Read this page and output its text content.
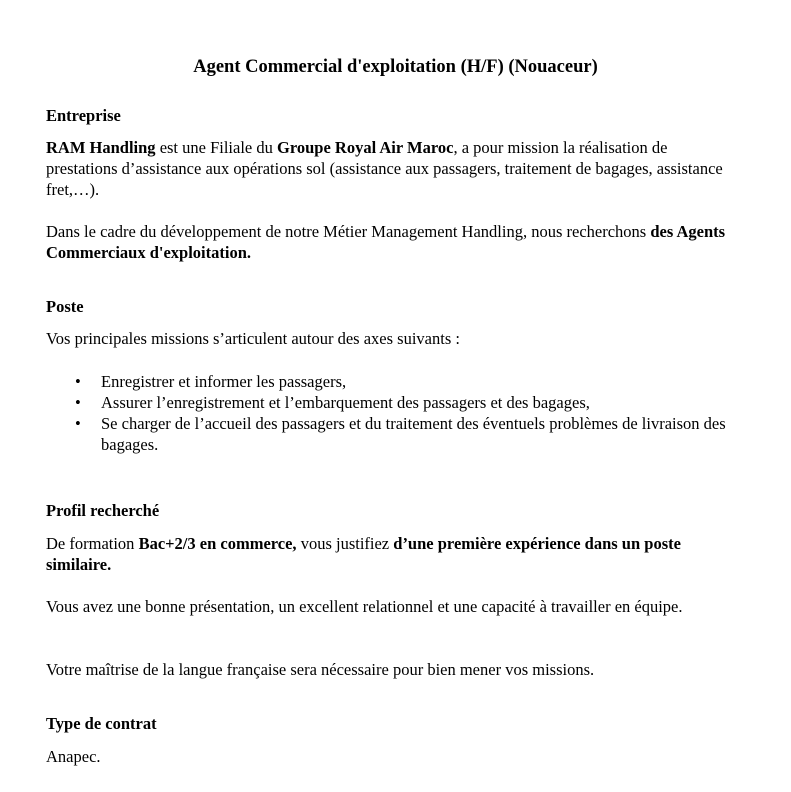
Agent Commercial d'exploitation (H/F) (Nouaceur)
Entreprise
RAM Handling est une Filiale du Groupe Royal Air Maroc, a pour mission la réalisation de prestations d’assistance aux opérations sol (assistance aux passagers, traitement de bagages, assistance fret,…).
Dans le cadre du développement de notre Métier Management Handling, nous recherchons des Agents Commerciaux d'exploitation.
Poste
Vos principales missions s’articulent autour des axes suivants :
• Enregistrer et informer les passagers,
• Assurer l’enregistrement et l’embarquement des passagers et des bagages,
• Se charger de l’accueil des passagers et du traitement des éventuels problèmes de livraison des bagages.
Profil recherché
De formation Bac+2/3 en commerce, vous justifiez d’une première expérience dans un poste similaire.
Vous avez une bonne présentation, un excellent relationnel et une capacité à travailler en équipe.
Votre maîtrise de la langue française sera nécessaire pour bien mener vos missions.
Type de contrat
Anapec.
